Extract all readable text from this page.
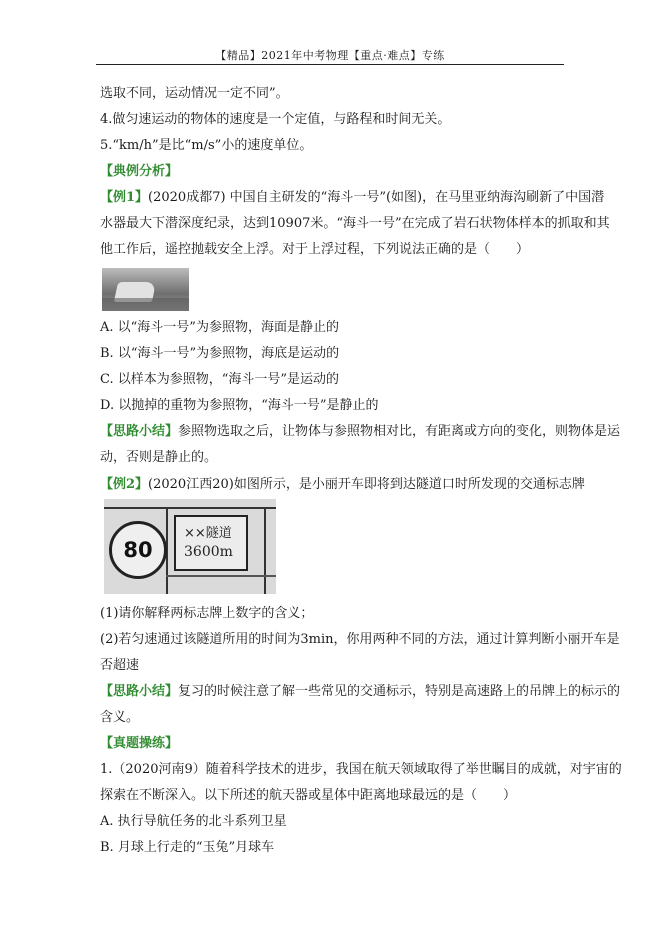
【精品】2021年中考物理【重点·难点】专练
选取不同，运动情况一定不同”。
4.做匀速运动的物体的速度是一个定值，与路程和时间无关。
5.“km/h”是比“m/s”小的速度单位。
【典例分析】
【例1】(2020成都7) 中国自主研发的“海斗一号”(如图)，在马里亚纳海沟刷新了中国潜
水器最大下潜深度纪录，达到10907米。“海斗一号”在完成了岩石状物体样本的抓取和其
他工作后，遥控抛载安全上浮。对于上浮过程，下列说法正确的是（　　）
A. 以“海斗一号”为参照物，海面是静止的
B. 以“海斗一号”为参照物，海底是运动的
C. 以样本为参照物，“海斗一号”是运动的
D. 以抛掉的重物为参照物，“海斗一号”是静止的
【思路小结】参照物选取之后，让物体与参照物相对比，有距离或方向的变化，则物体是运
动，否则是静止的。
【例2】(2020江西20)如图所示，是小丽开车即将到达隧道口时所发现的交通标志牌
80
××隧道
3600m
(1)请你解释两标志牌上数字的含义；
(2)若匀速通过该隧道所用的时间为3min，你用两种不同的方法，通过计算判断小丽开车是
否超速
【思路小结】复习的时候注意了解一些常见的交通标示，特别是高速路上的吊牌上的标示的
含义。
【真题操练】
1.（2020河南9）随着科学技术的进步，我国在航天领域取得了举世瞩目的成就，对宇宙的
探索在不断深入。以下所述的航天器或星体中距离地球最远的是（　　）
A. 执行导航任务的北斗系列卫星
B. 月球上行走的“玉兔”月球车
